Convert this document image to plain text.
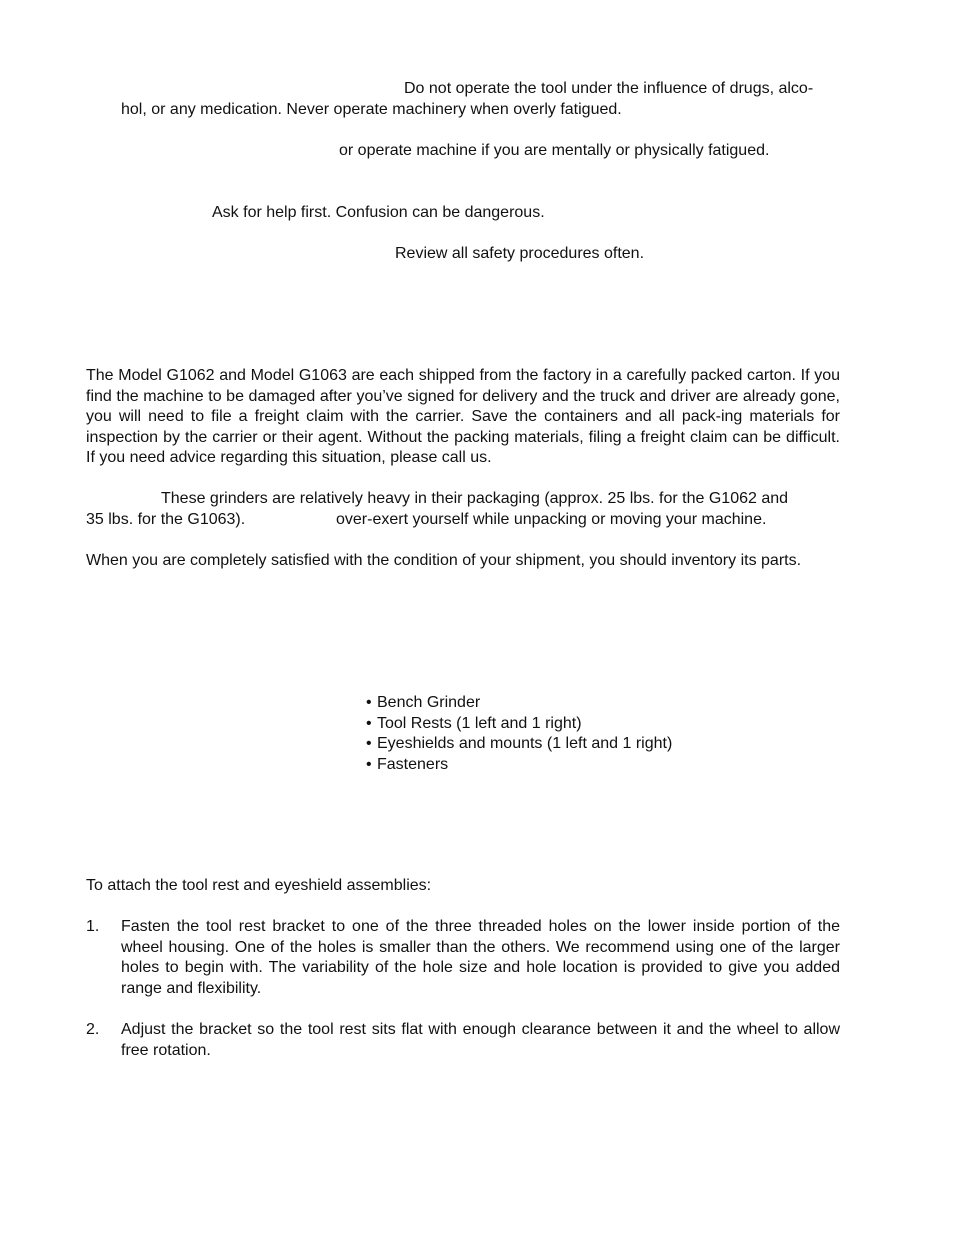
Do not operate the tool under the influence of drugs, alco-

hol, or any medication. Never operate machinery when overly fatigued.

or operate machine if you are mentally or physically fatigued.

Ask for help first. Confusion can be dangerous.

Review all safety procedures often.

The Model G1062 and Model G1063 are each shipped from the factory in a carefully packed carton. If you find the machine to be damaged after you’ve signed for delivery and the truck and driver are already gone, you will need to file a freight claim with the carrier. Save the containers and all pack-ing materials for inspection by the carrier or their agent. Without the packing materials, filing a freight claim can be difficult. If you need advice regarding this situation, please call us.

These grinders are relatively heavy in their packaging (approx. 25 lbs. for the G1062 and

35 lbs. for the G1063).	over-exert yourself while unpacking or moving your machine.

When you are completely satisfied with the condition of your shipment, you should inventory its parts.

• Bench Grinder
• Tool Rests (1 left and 1 right)
• Eyeshields and mounts (1 left and 1 right)
• Fasteners

To attach the tool rest and eyeshield assemblies:

1. Fasten the tool rest bracket to one of the three threaded holes on the lower inside portion of the wheel housing. One of the holes is smaller than the others. We recommend using one of the larger holes to begin with. The variability of the hole size and hole location is provided to give you added range and flexibility.
2. Adjust the bracket so the tool rest sits flat with enough clearance between it and the wheel to allow free rotation.
